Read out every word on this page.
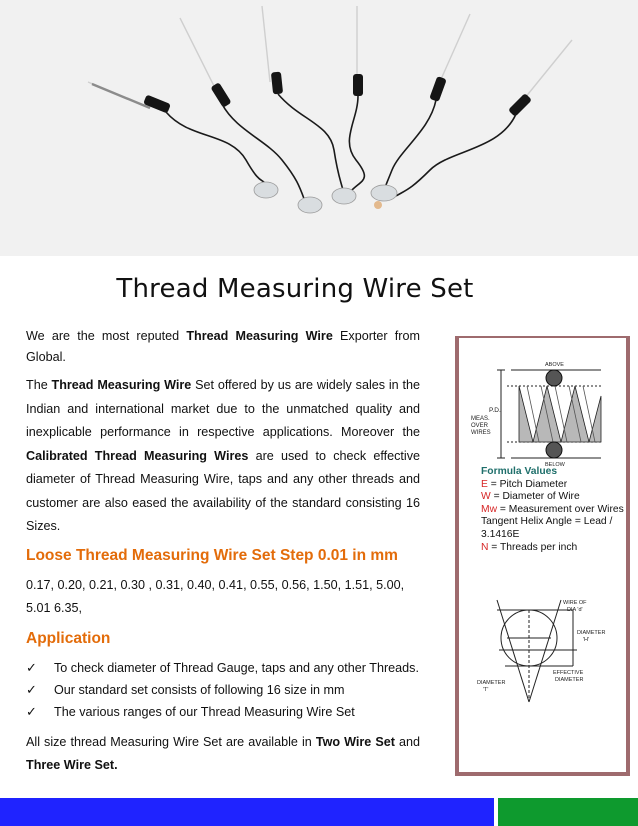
Thread Measuring Wire Set

We are the most reputed Thread Measuring Wire Exporter from Global.

The Thread Measuring Wire Set offered by us are widely sales in the Indian and international market due to the unmatched quality and inexplicable performance in respective applications. Moreover the Calibrated Thread Measuring Wires are used to check effective diameter of Thread Measuring Wire, taps and any other threads and customer are also eased the availability of the standard consisting 16 Sizes.

Loose Thread Measuring Wire Set Step 0.01 in mm

0.17, 0.20, 0.21, 0.30 , 0.31, 0.40, 0.41, 0.55, 0.56, 1.50, 1.51, 5.00, 5.01 6.35,

Application
✓ To check diameter of Thread Gauge, taps and any other Threads.
✓ Our standard set consists of following 16 size in mm
✓ The various ranges of our Thread Measuring Wire Set

All size thread Measuring Wire Set are available in Two Wire Set and Three Wire Set.

P.D.
MEAS.
OVER
WIRES
ABOVE
BELOW
Formula Values
E = Pitch Diameter
W = Diameter of Wire
Mw = Measurement over Wires
Tangent Helix Angle = Lead / 3.1416E
N = Threads per inch
WIRE OF
DIA 'd'
DIAMETER
'H'
EFFECTIVE
DIAMETER
DIAMETER
'T'
